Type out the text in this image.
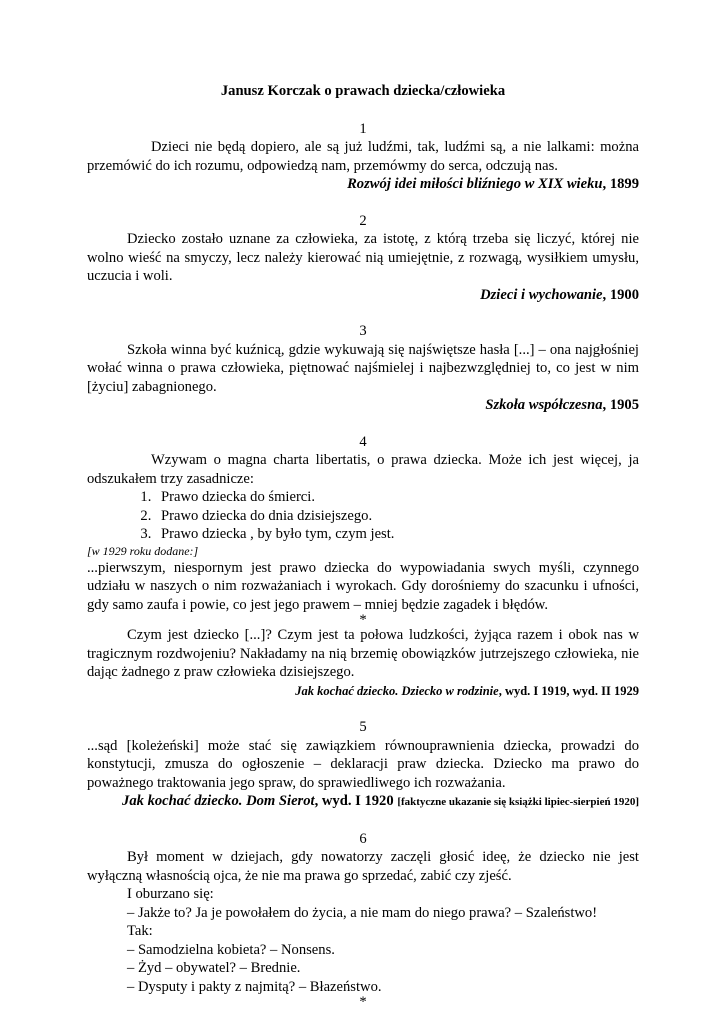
Janusz Korczak o prawach dziecka/człowieka

1

Dzieci nie będą dopiero, ale są już ludźmi, tak, ludźmi są, a nie lalkami: można przemówić do ich rozumu, odpowiedzą nam, przemówmy do serca, odczują nas.

Rozwój idei miłości bliźniego w XIX wieku, 1899

2

Dziecko zostało uznane za człowieka, za istotę, z którą trzeba się liczyć, której nie wolno wieść na smyczy, lecz należy kierować nią umiejętnie, z rozwagą, wysiłkiem umysłu, uczucia i woli.

Dzieci i wychowanie, 1900

3

Szkoła winna być kuźnicą, gdzie wykuwają się najświętsze hasła [...] – ona najgłośniej wołać winna o prawa człowieka, piętnować najśmielej i najbezwzględniej to, co jest w nim [życiu] zabagnionego.

Szkoła współczesna, 1905

4

Wzywam o magna charta libertatis, o prawa dziecka. Może ich jest więcej, ja odszukałem trzy zasadnicze:

1. Prawo dziecka do śmierci.
2. Prawo dziecka do dnia dzisiejszego.
3. Prawo dziecka , by było tym, czym jest.

[w 1929 roku dodane:]

...pierwszym, niespornym jest prawo dziecka do wypowiadania swych myśli, czynnego udziału w naszych o nim rozważaniach i wyrokach. Gdy dorośniemy do szacunku i ufności, gdy samo zaufa i powie, co jest jego prawem – mniej będzie zagadek i błędów.

*

Czym jest dziecko [...]? Czym jest ta połowa ludzkości, żyjąca razem i obok nas w tragicznym rozdwojeniu? Nakładamy na nią brzemię obowiązków jutrzejszego człowieka, nie dając żadnego z praw człowieka dzisiejszego.

Jak kochać dziecko. Dziecko w rodzinie, wyd. I 1919, wyd. II 1929

5

...sąd [koleżeński] może stać się zawiązkiem równouprawnienia dziecka, prowadzi do konstytucji, zmusza do ogłoszenie – deklaracji praw dziecka. Dziecko ma prawo do poważnego traktowania jego spraw, do sprawiedliwego ich rozważania.

Jak kochać dziecko. Dom Sierot, wyd. I 1920 [faktyczne ukazanie się książki lipiec-sierpień 1920]

6

Był moment w dziejach, gdy nowatorzy zaczęli głosić ideę, że dziecko nie jest wyłączną własnością ojca, że nie ma prawa go sprzedać, zabić czy zjeść.

I oburzano się:

– Jakże to? Ja je powołałem do życia, a nie mam do niego prawa? – Szaleństwo!

Tak:

– Samodzielna kobieta? – Nonsens.

– Żyd – obywatel? – Brednie.

– Dysputy i pakty z najmitą? – Błazeństwo.

*
